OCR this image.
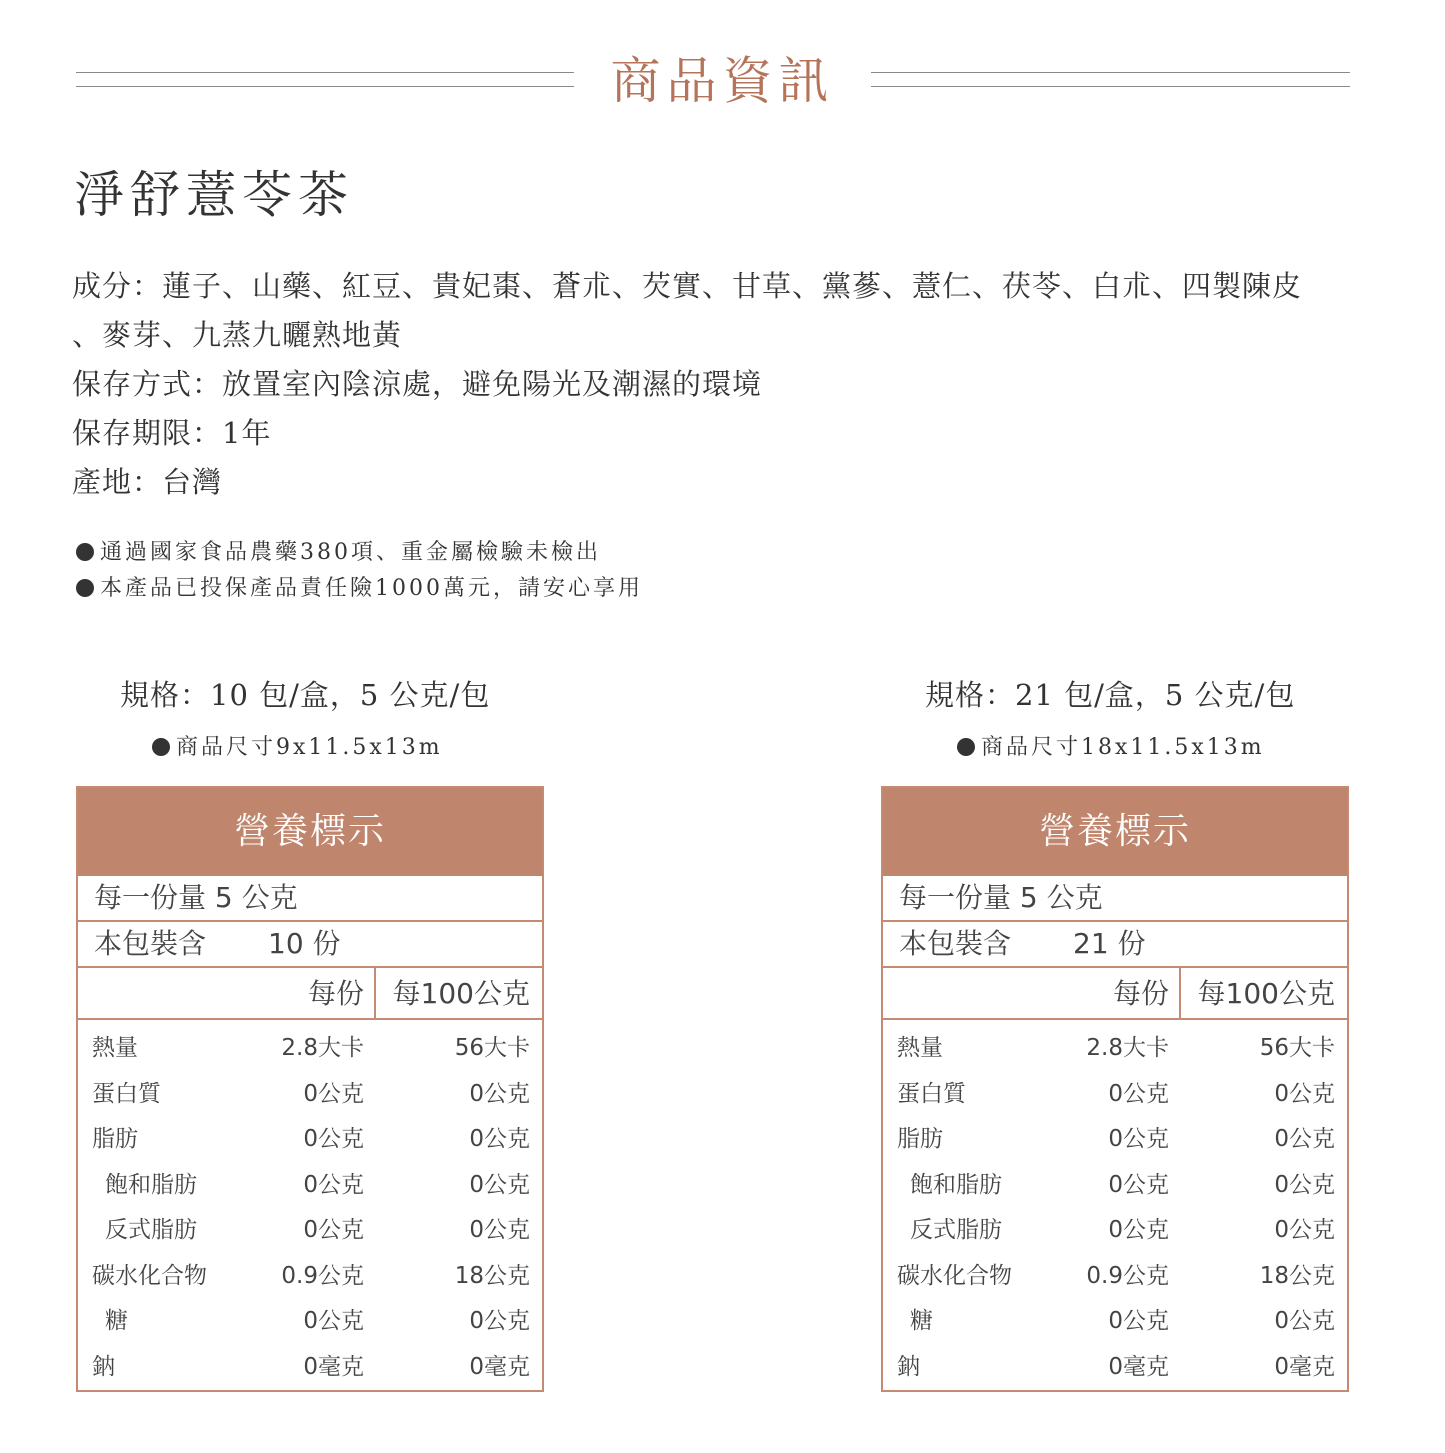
商品資訊
淨舒薏苓茶
成分：蓮子、山藥、紅豆、貴妃棗、蒼朮、芡實、甘草、黨蔘、薏仁、茯苓、白朮、四製陳皮
、麥芽、九蒸九曬熟地黃
保存方式：放置室內陰涼處，避免陽光及潮濕的環境
保存期限：1年
產地：台灣
通過國家食品農藥380項、重金屬檢驗未檢出
本產品已投保產品責任險1000萬元，請安心享用
規格：10 包/盒，5 公克/包
商品尺寸9x11.5x13m
營養標示
每一份量 5 公克
本包裝含 10 份
每份 每100公克
熱量	2.8大卡	56大卡
蛋白質	0公克	0公克
脂肪	0公克	0公克
飽和脂肪	0公克	0公克
反式脂肪	0公克	0公克
碳水化合物	0.9公克	18公克
糖	0公克	0公克
鈉	0毫克	0毫克
規格：21 包/盒，5 公克/包
商品尺寸18x11.5x13m
營養標示
每一份量 5 公克
本包裝含 21 份
每份 每100公克
熱量	2.8大卡	56大卡
蛋白質	0公克	0公克
脂肪	0公克	0公克
飽和脂肪	0公克	0公克
反式脂肪	0公克	0公克
碳水化合物	0.9公克	18公克
糖	0公克	0公克
鈉	0毫克	0毫克
